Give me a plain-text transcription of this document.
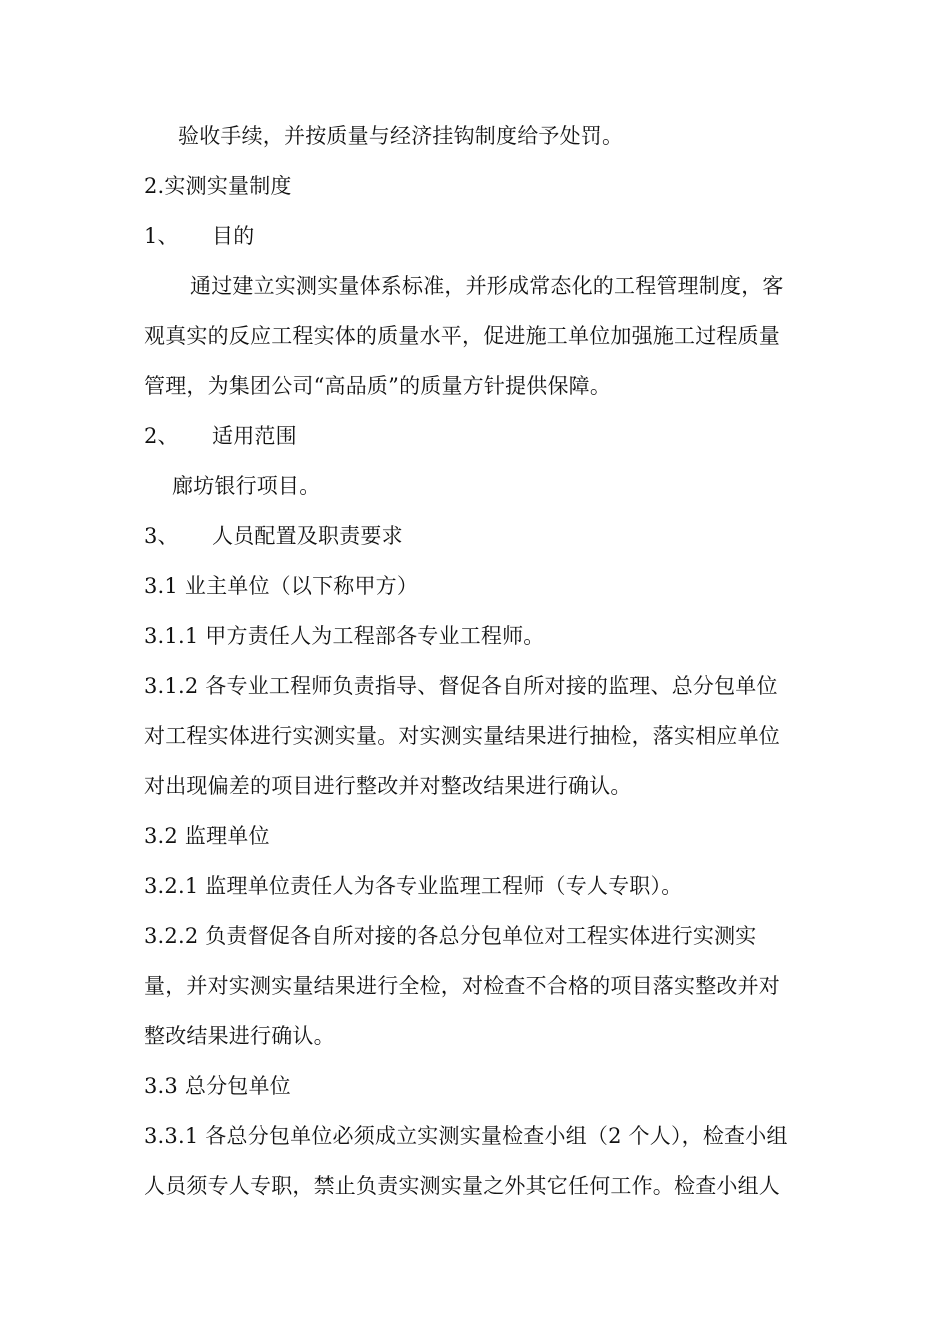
验收手续，并按质量与经济挂钩制度给予处罚。
2.实测实量制度
1、 目的
通过建立实测实量体系标准，并形成常态化的工程管理制度，客
观真实的反应工程实体的质量水平，促进施工单位加强施工过程质量
管理，为集团公司“高品质”的质量方针提供保障。
2、 适用范围
廊坊银行项目。
3、 人员配置及职责要求
3.1 业主单位（以下称甲方）
3.1.1 甲方责任人为工程部各专业工程师。
3.1.2 各专业工程师负责指导、督促各自所对接的监理、总分包单位
对工程实体进行实测实量。对实测实量结果进行抽检，落实相应单位
对出现偏差的项目进行整改并对整改结果进行确认。
3.2 监理单位
3.2.1 监理单位责任人为各专业监理工程师（专人专职）。
3.2.2 负责督促各自所对接的各总分包单位对工程实体进行实测实
量，并对实测实量结果进行全检，对检查不合格的项目落实整改并对
整改结果进行确认。
3.3 总分包单位
3.3.1 各总分包单位必须成立实测实量检查小组（2 个人），检查小组
人员须专人专职，禁止负责实测实量之外其它任何工作。检查小组人
